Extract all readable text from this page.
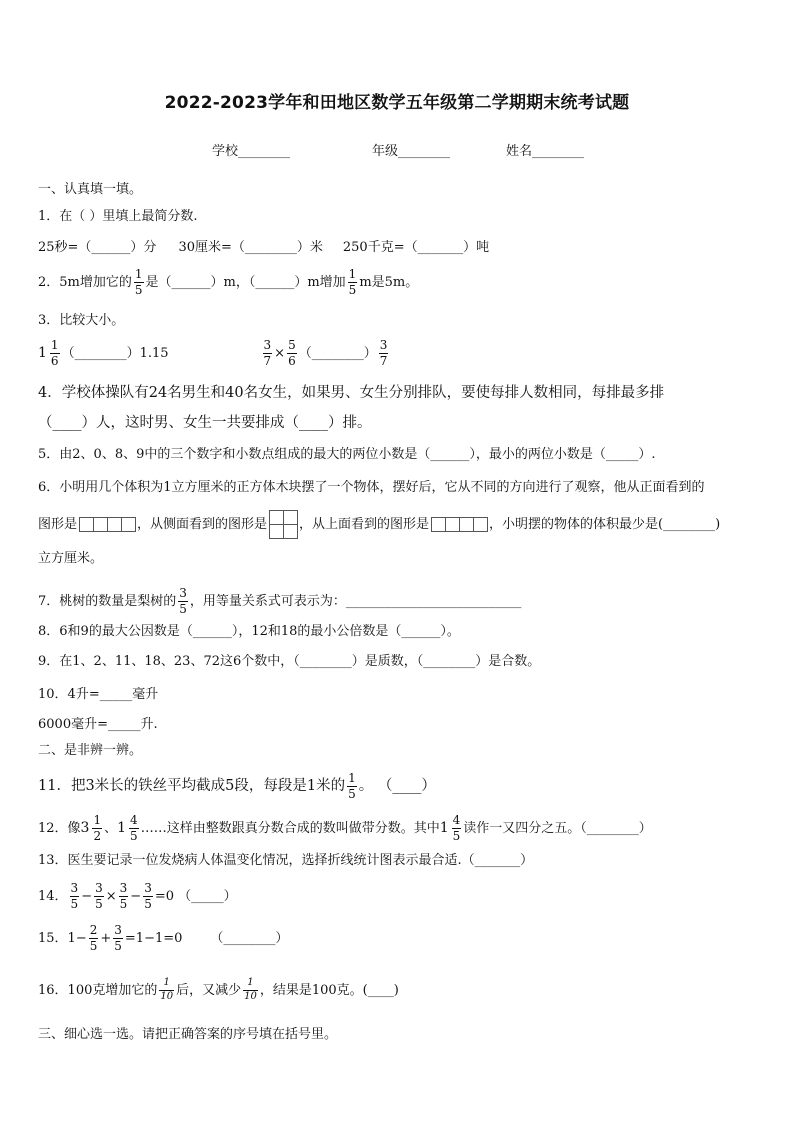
2022-2023学年和田地区数学五年级第二学期期末统考试题
学校________	年级________	姓名________
一、认真填一填。
1．在（ ）里填上最简分数.
25秒=（______）分 30厘米=（________）米 250千克=（_______）吨
2．5m增加它的 $\frac{1}{5}$ 是（______）m，（______）m增加 $\frac{1}{5}$ m是5m。
3．比较大小。
$1 \frac{1}{6}$ （________）1.15	$\frac{3}{7} \times \frac{5}{6}$ （________） $\frac{3}{7}$
4．学校体操队有24名男生和40名女生，如果男、女生分别排队，要使每排人数相同，每排最多排
（____）人，这时男、女生一共要排成（____）排。
5．由2、0、8、9中的三个数字和小数点组成的最大的两位小数是（______），最小的两位小数是（_____）.
6．小明用几个体积为1立方厘米的正方体木块摆了一个物体，摆好后，它从不同的方向进行了观察，他从正面看到的
图形是	，从侧面看到的图形是 ，从上面看到的图形是	，小明摆的物体的体积最少是(________)
立方厘米。
7．桃树的数量是梨树的 $\frac{3}{5}$ ，用等量关系式可表示为：___________________________
8．6和9的最大公因数是（______），12和18的最小公倍数是（______）。
9．在1、2、11、18、23、72这6个数中，（________）是质数，（________）是合数。
10．4升=_____毫升
6000毫升=_____升.
二、是非辨一辨。
11．把3米长的铁丝平均截成5段，每段是1米的 $\frac{1}{5}$ 。 （____）
12．像 $3 \frac{1}{2}$ 、 $1 \frac{4}{5}$ ……这样由整数跟真分数合成的数叫做带分数。其中 $1 \frac{4}{5}$ 读作一又四分之五。（________）
13．医生要记录一位发烧病人体温变化情况，选择折线统计图表示最合适.（_______）
14． $\frac{3}{5} - \frac{3}{5} \times \frac{3}{5} - \frac{3}{5} =0$ （_____）
15．$1- \frac{2}{5} + \frac{3}{5} =1-1=0$ （________）
16．100克增加它的 $\frac{1}{10}$ 后，又减少 $\frac{1}{10}$ ，结果是100克。(____)
三、细心选一选。请把正确答案的序号填在括号里。
